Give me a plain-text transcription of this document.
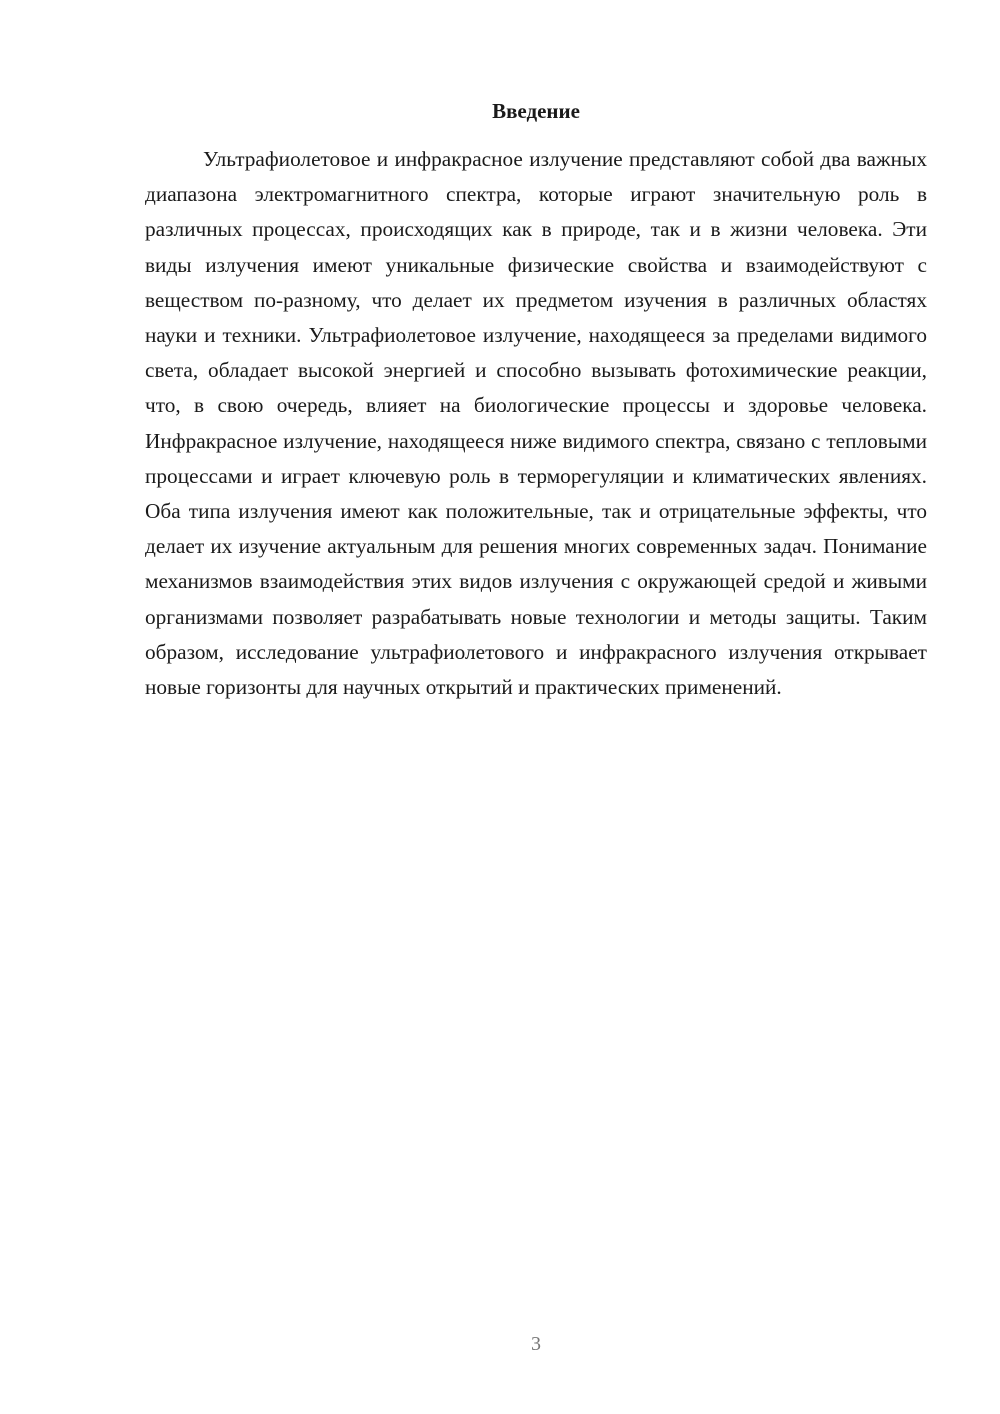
Введение

Ультрафиолетовое и инфракрасное излучение представляют собой два важных диапазона электромагнитного спектра, которые играют значительную роль в различных процессах, происходящих как в природе, так и в жизни человека. Эти виды излучения имеют уникальные физические свойства и взаимодействуют с веществом по-разному, что делает их предметом изучения в различных областях науки и техники. Ультрафиолетовое излучение, находящееся за пределами видимого света, обладает высокой энергией и способно вызывать фотохимические реакции, что, в свою очередь, влияет на биологические процессы и здоровье человека. Инфракрасное излучение, находящееся ниже видимого спектра, связано с тепловыми процессами и играет ключевую роль в терморегуляции и климатических явлениях. Оба типа излучения имеют как положительные, так и отрицательные эффекты, что делает их изучение актуальным для решения многих современных задач. Понимание механизмов взаимодействия этих видов излучения с окружающей средой и живыми организмами позволяет разрабатывать новые технологии и методы защиты. Таким образом, исследование ультрафиолетового и инфракрасного излучения открывает новые горизонты для научных открытий и практических применений.

3
